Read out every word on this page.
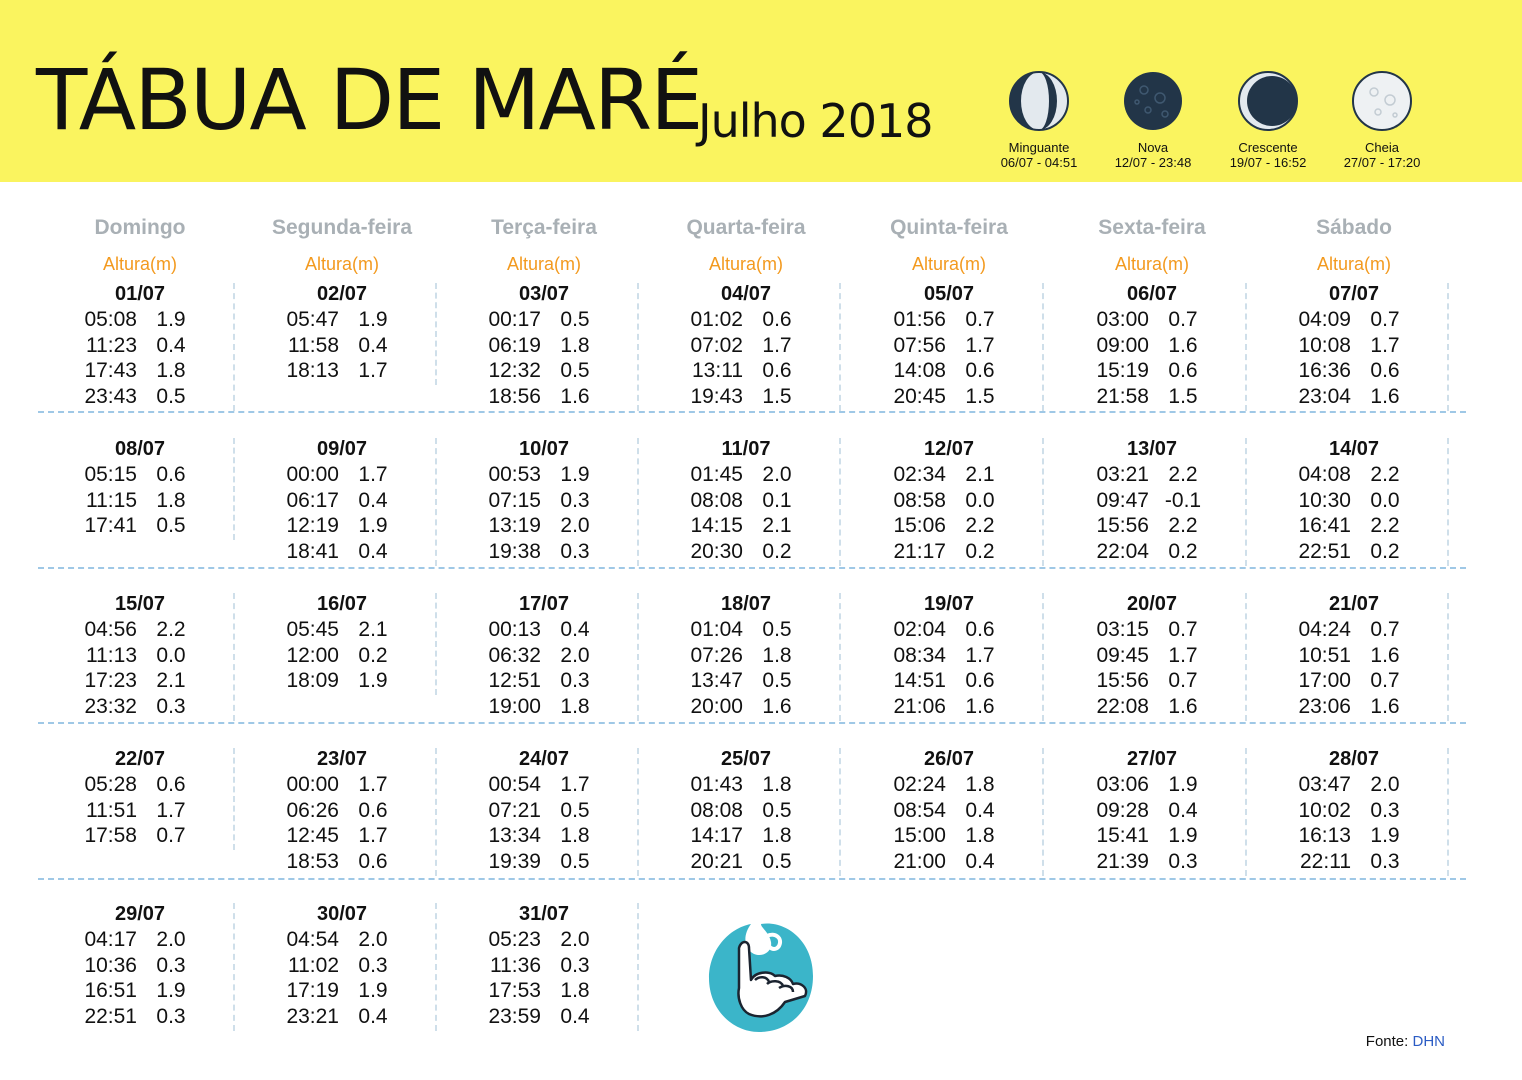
TÁBUA DE MARÉ
Julho 2018	Minguante
06/07 - 04:51
Nova
12/07 - 23:48
Crescente
19/07 - 16:52
Cheia
27/07 - 17:20
Domingo
Altura(m)
Segunda-feira
Altura(m)
Terça-feira
Altura(m)
Quarta-feira
Altura(m)
Quinta-feira
Altura(m)
Sexta-feira
Altura(m)
Sábado
Altura(m)
01/07
05:08 1.9
11:23 0.4
17:43 1.8
23:43 0.5
02/07
05:47 1.9
11:58 0.4
18:13 1.7
03/07
00:17 0.5
06:19 1.8
12:32 0.5
18:56 1.6
04/07
01:02 0.6
07:02 1.7
13:11 0.6
19:43 1.5
05/07
01:56 0.7
07:56 1.7
14:08 0.6
20:45 1.5
06/07
03:00 0.7
09:00 1.6
15:19 0.6
21:58 1.5
07/07
04:09 0.7
10:08 1.7
16:36 0.6
23:04 1.6
08/07
05:15 0.6
11:15 1.8
17:41 0.5
09/07
00:00 1.7
06:17 0.4
12:19 1.9
18:41 0.4
10/07
00:53 1.9
07:15 0.3
13:19 2.0
19:38 0.3
11/07
01:45 2.0
08:08 0.1
14:15 2.1
20:30 0.2
12/07
02:34 2.1
08:58 0.0
15:06 2.2
21:17 0.2
13/07
03:21 2.2
09:47 -0.1
15:56 2.2
22:04 0.2
14/07
04:08 2.2
10:30 0.0
16:41 2.2
22:51 0.2
15/07
04:56 2.2
11:13 0.0
17:23 2.1
23:32 0.3
16/07
05:45 2.1
12:00 0.2
18:09 1.9
17/07
00:13 0.4
06:32 2.0
12:51 0.3
19:00 1.8
18/07
01:04 0.5
07:26 1.8
13:47 0.5
20:00 1.6
19/07
02:04 0.6
08:34 1.7
14:51 0.6
21:06 1.6
20/07
03:15 0.7
09:45 1.7
15:56 0.7
22:08 1.6
21/07
04:24 0.7
10:51 1.6
17:00 0.7
23:06 1.6
22/07
05:28 0.6
11:51 1.7
17:58 0.7
23/07
00:00 1.7
06:26 0.6
12:45 1.7
18:53 0.6
24/07
00:54 1.7
07:21 0.5
13:34 1.8
19:39 0.5
25/07
01:43 1.8
08:08 0.5
14:17 1.8
20:21 0.5
26/07
02:24 1.8
08:54 0.4
15:00 1.8
21:00 0.4
27/07
03:06 1.9
09:28 0.4
15:41 1.9
21:39 0.3
28/07
03:47 2.0
10:02 0.3
16:13 1.9
22:11 0.3
29/07
04:17 2.0
10:36 0.3
16:51 1.9
22:51 0.3
30/07
04:54 2.0
11:02 0.3
17:19 1.9
23:21 0.4
31/07
05:23 2.0
11:36 0.3
17:53 1.8
23:59 0.4
Fonte: DHN
